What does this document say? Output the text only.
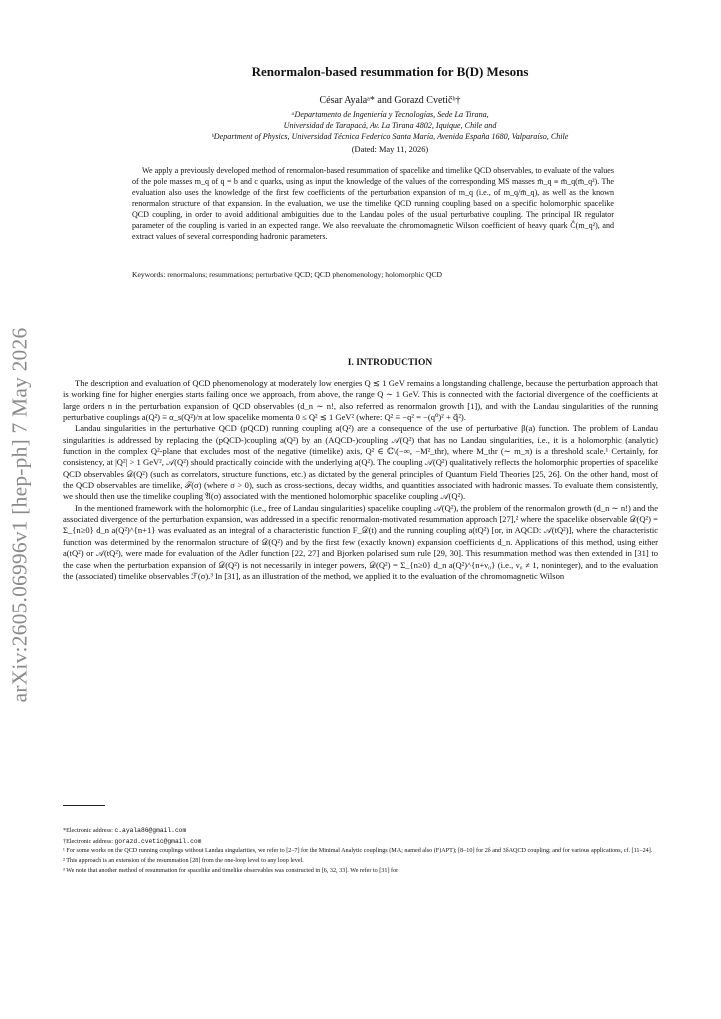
arXiv:2605.06996v1 [hep-ph] 7 May 2026
Renormalon-based resummation for B(D) Mesons
César Ayalaᵃ* and Gorazd Cvetičᵇ†
ᵃDepartamento de Ingeniería y Tecnologías, Sede La Tirana,
Universidad de Tarapacá, Av. La Tirana 4802, Iquique, Chile and
ᵇDepartment of Physics, Universidad Técnica Federico Santa María, Avenida España 1680, Valparaíso, Chile
(Dated: May 11, 2026)

We apply a previously developed method of renormalon-based resummation of spacelike and timelike QCD observables, to evaluate of the values of the pole masses m_q of q = b and c quarks, using as input the knowledge of the values of the corresponding MS masses m̄_q ≡ m̄_q(m̄_q²). The evaluation also uses the knowledge of the first few coefficients of the perturbation expansion of m_q (i.e., of m_q/m̄_q), as well as the known renormalon structure of that expansion. In the evaluation, we use the timelike QCD running coupling based on a specific holomorphic spacelike QCD coupling, in order to avoid additional ambiguities due to the Landau poles of the usual perturbative coupling. The principal IR regulator parameter of the coupling is varied in an expected range. We also reevaluate the chromomagnetic Wilson coefficient of heavy quark Ĉ(m_q²), and extract values of several corresponding hadronic parameters.

Keywords: renormalons; resummations; perturbative QCD; QCD phenomenology; holomorphic QCD
I. INTRODUCTION

The description and evaluation of QCD phenomenology at moderately low energies Q ≲ 1 GeV remains a longstanding challenge, because the perturbation approach that is working fine for higher energies starts failing once we approach, from above, the range Q ∼ 1 GeV. This is connected with the factorial divergence of the coefficients at large orders n in the perturbation expansion of QCD observables (d_n ∼ n!, also referred as renormalon growth [1]), and with the Landau singularities of the running perturbative couplings a(Q²) ≡ α_s(Q²)/π at low spacelike momenta 0 ≤ Q² ≲ 1 GeV² (where: Q² ≡ −q² = −(q⁰)² + q⃗²).

Landau singularities in the perturbative QCD (pQCD) running coupling a(Q²) are a consequence of the use of perturbative β(a) function. The problem of Landau singularities is addressed by replacing the (pQCD-)coupling a(Q²) by an (AQCD-)coupling 𝒜(Q²) that has no Landau singularities, i.e., it is a holomorphic (analytic) function in the complex Q²-plane that excludes most of the negative (timelike) axis, Q² ∈ ℂ\(−∞, −M²_thr), where M_thr (∼ m_π) is a threshold scale.¹ Certainly, for consistency, at |Q²| > 1 GeV², 𝒜(Q²) should practically coincide with the underlying a(Q²). The coupling 𝒜(Q²) qualitatively reflects the holomorphic properties of spacelike QCD observables 𝒟(Q²) (such as correlators, structure functions, etc.) as dictated by the general principles of Quantum Field Theories [25, 26]. On the other hand, most of the QCD observables are timelike, ℱ(σ) (where σ > 0), such as cross-sections, decay widths, and quantities associated with hadronic masses. To evaluate them consistently, we should then use the timelike coupling 𝔄(σ) associated with the mentioned holomorphic spacelike coupling 𝒜(Q²).

In the mentioned framework with the holomorphic (i.e., free of Landau singularities) spacelike coupling 𝒜(Q²), the problem of the renormalon growth (d_n ∼ n!) and the associated divergence of the perturbation expansion, was addressed in a specific renormalon-motivated resummation approach [27],² where the spacelike observable 𝒟(Q²) = Σ_{n≥0} d_n a(Q²)^{n+1} was evaluated as an integral of a characteristic function F_𝒟(t) and the running coupling a(tQ²) [or, in AQCD: 𝒜(tQ²)], where the characteristic function was determined by the renormalon structure of 𝒟(Q²) and by the first few (exactly known) expansion coefficients d_n. Applications of this method, using either a(tQ²) or 𝒜(tQ²), were made for evaluation of the Adler function [22, 27] and Bjorken polarised sum rule [29, 30]. This resummation method was then extended in [31] to the case when the perturbation expansion of 𝒟(Q²) is not necessarily in integer powers, 𝒟(Q²) = Σ_{n≥0} d_n a(Q²)^{n+ν₀} (i.e., ν₀ ≠ 1, noninteger), and to the evaluation the (associated) timelike observables ℱ(σ).³ In [31], as an illustration of the method, we applied it to the evaluation of the chromomagnetic Wilson

*Electronic address: c.ayala86@gmail.com
†Electronic address: gorazd.cvetic@gmail.com
¹ For some works on the QCD running couplings without Landau singularities, we refer to [2–7] for the Minimal Analytic couplings (MA; named also (F)APT); [8–10] for 2δ and 3δAQCD coupling; and for various applications, cf. [11–24].
² This approach is an extension of the resummation [28] from the one-loop level to any loop level.
³ We note that another method of resummation for spacelike and timelike observables was constructed in [6, 32, 33]. We refer to [31] for
